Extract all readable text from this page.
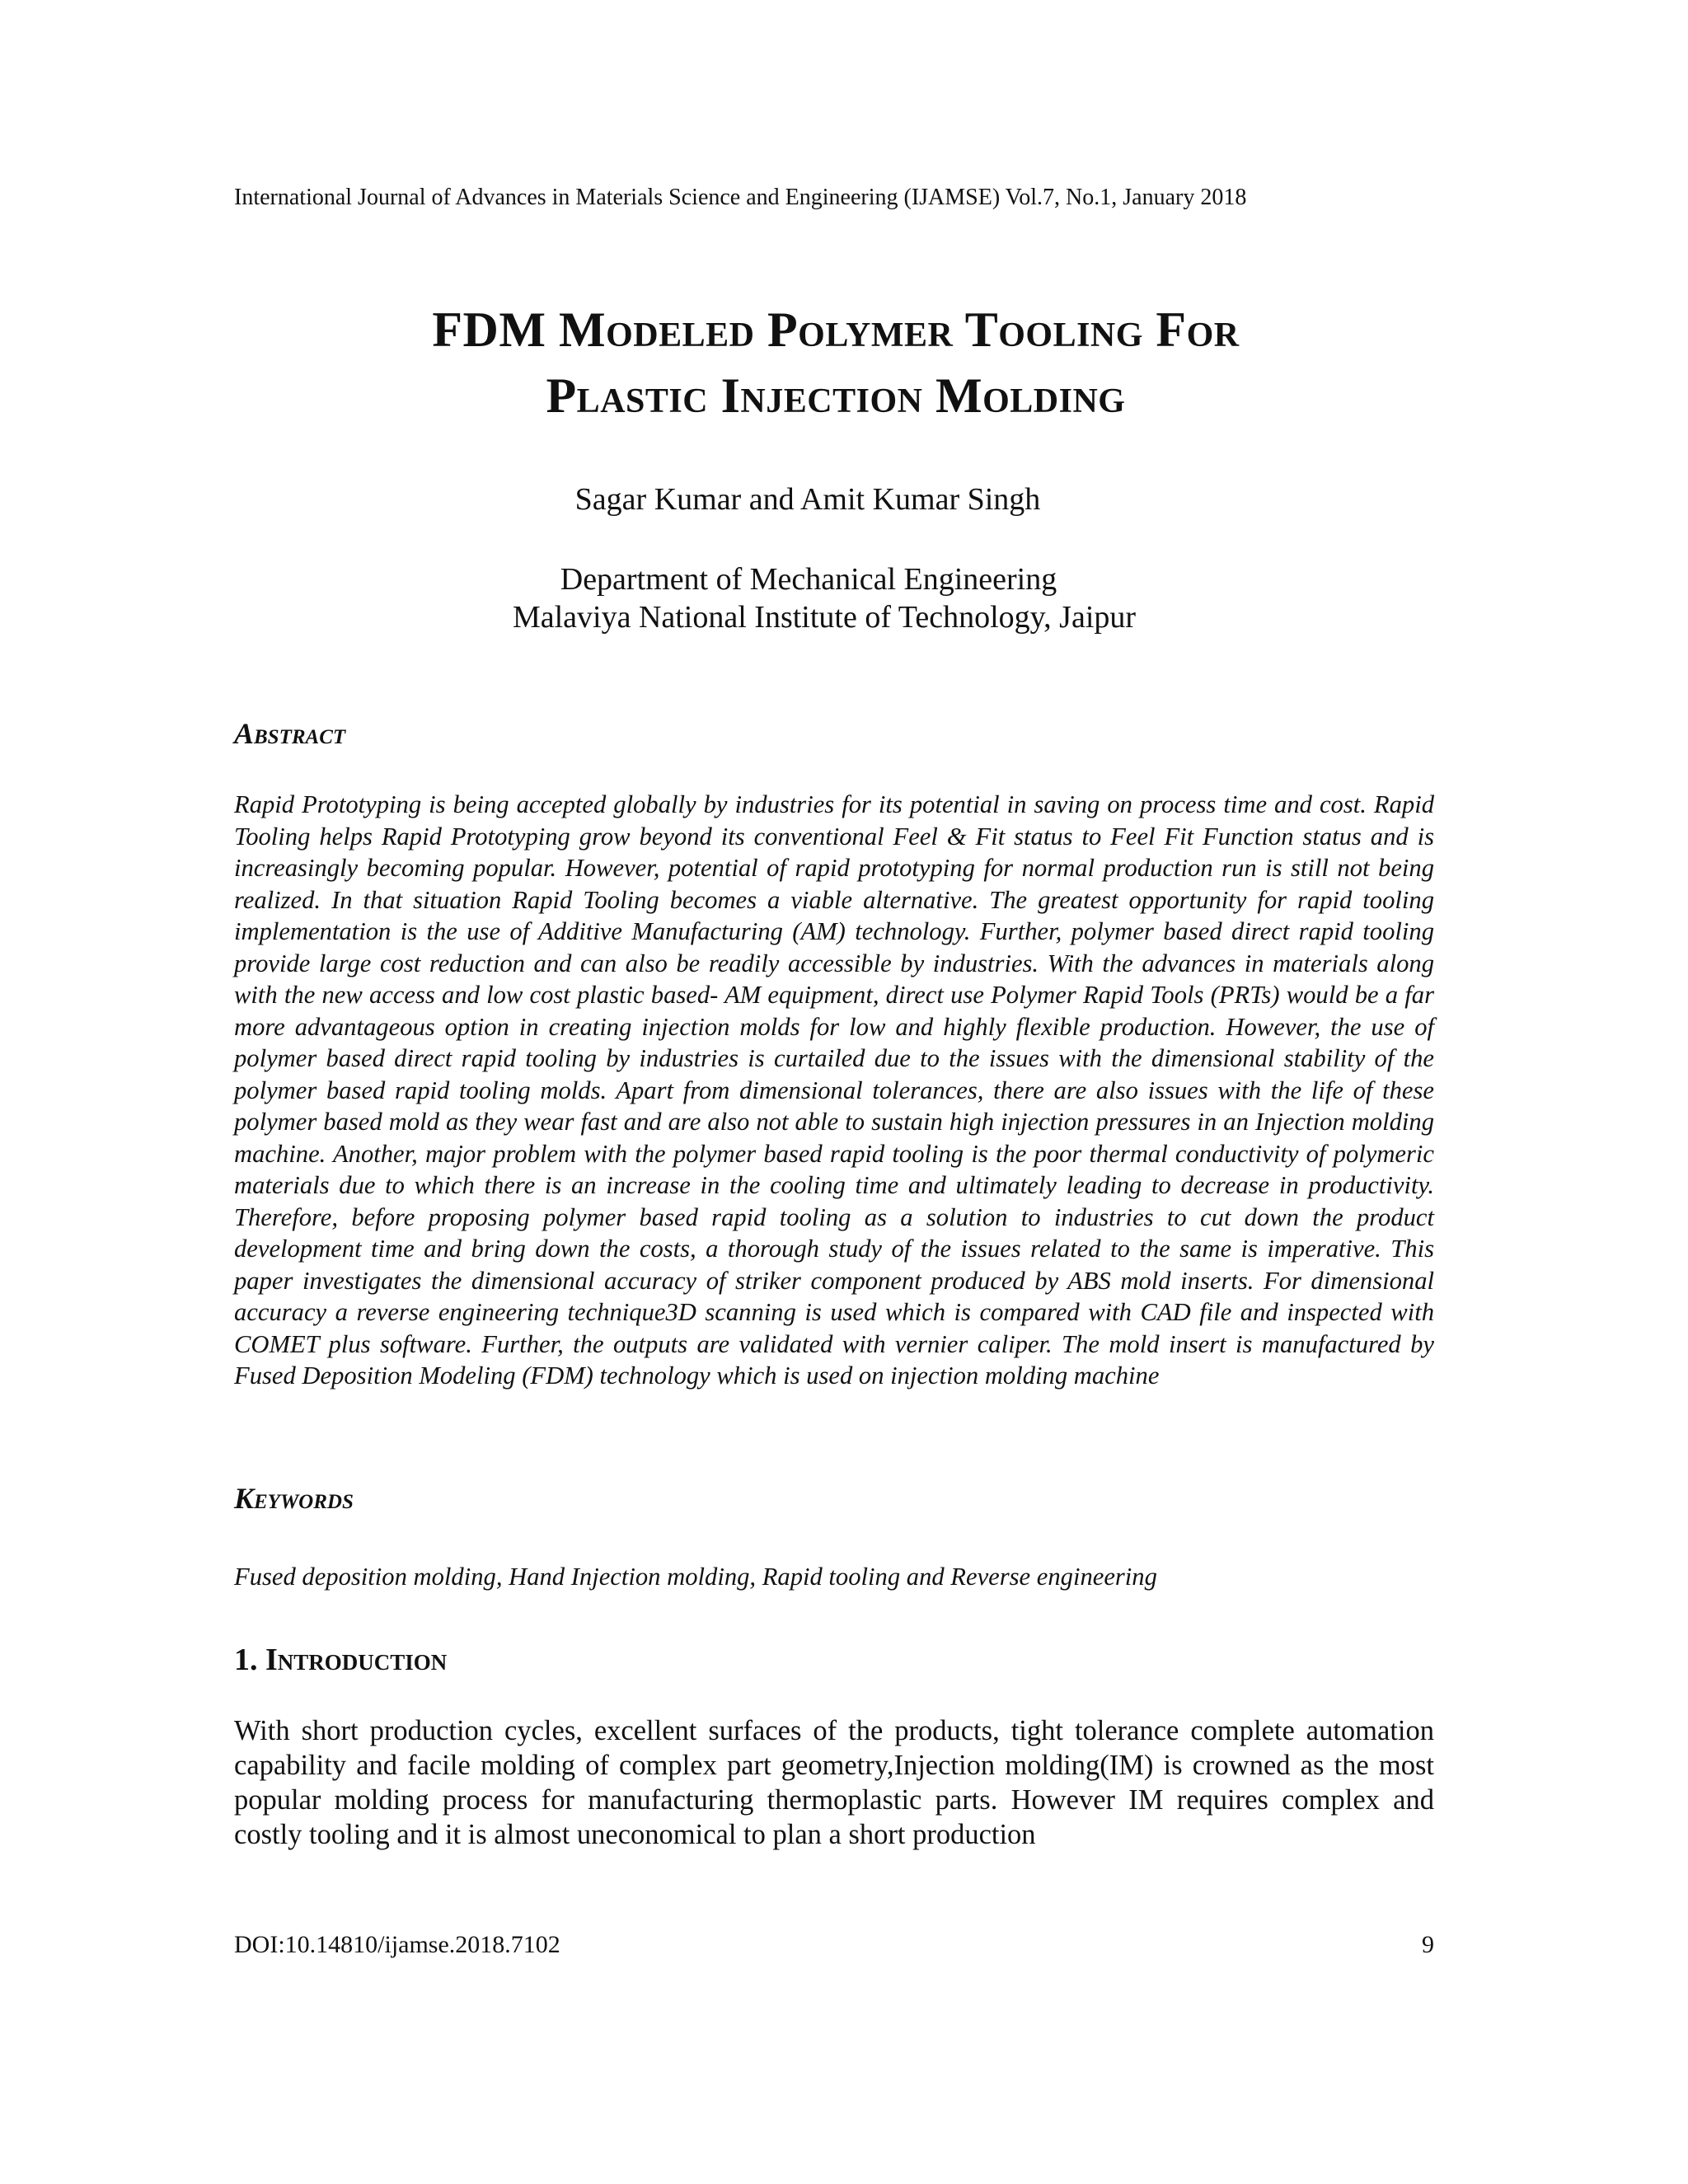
International Journal of Advances in Materials Science and Engineering (IJAMSE) Vol.7, No.1, January 2018
FDM Modeled Polymer Tooling For
Plastic Injection Molding
Sagar Kumar and Amit Kumar Singh
Department of Mechanical Engineering
Malaviya National Institute of Technology, Jaipur
Abstract
Rapid Prototyping is being accepted globally by industries for its potential in saving on process time and cost. Rapid Tooling helps Rapid Prototyping grow beyond its conventional Feel & Fit status to Feel Fit Function status and is increasingly becoming popular. However, potential of rapid prototyping for normal production run is still not being realized. In that situation Rapid Tooling becomes a viable alternative. The greatest opportunity for rapid tooling implementation is the use of Additive Manufacturing (AM) technology. Further, polymer based direct rapid tooling provide large cost reduction and can also be readily accessible by industries. With the advances in materials along with the new access and low cost plastic based- AM equipment, direct use Polymer Rapid Tools (PRTs) would be a far more advantageous option in creating injection molds for low and highly flexible production. However, the use of polymer based direct rapid tooling by industries is curtailed due to the issues with the dimensional stability of the polymer based rapid tooling molds. Apart from dimensional tolerances, there are also issues with the life of these polymer based mold as they wear fast and are also not able to sustain high injection pressures in an Injection molding machine. Another, major problem with the polymer based rapid tooling is the poor thermal conductivity of polymeric materials due to which there is an increase in the cooling time and ultimately leading to decrease in productivity. Therefore, before proposing polymer based rapid tooling as a solution to industries to cut down the product development time and bring down the costs, a thorough study of the issues related to the same is imperative. This paper investigates the dimensional accuracy of striker component produced by ABS mold inserts. For dimensional accuracy a reverse engineering technique3D scanning is used which is compared with CAD file and inspected with COMET plus software. Further, the outputs are validated with vernier caliper. The mold insert is manufactured by Fused Deposition Modeling (FDM) technology which is used on injection molding machine
Keywords
Fused deposition molding, Hand Injection molding, Rapid tooling and Reverse engineering
1. Introduction
With short production cycles, excellent surfaces of the products, tight tolerance complete automation capability and facile molding of complex part geometry,Injection molding(IM) is crowned as the most popular molding process for manufacturing thermoplastic parts. However IM requires complex and costly tooling and it is almost uneconomical to plan a short production
DOI:10.14810/ijamse.2018.7102	9
